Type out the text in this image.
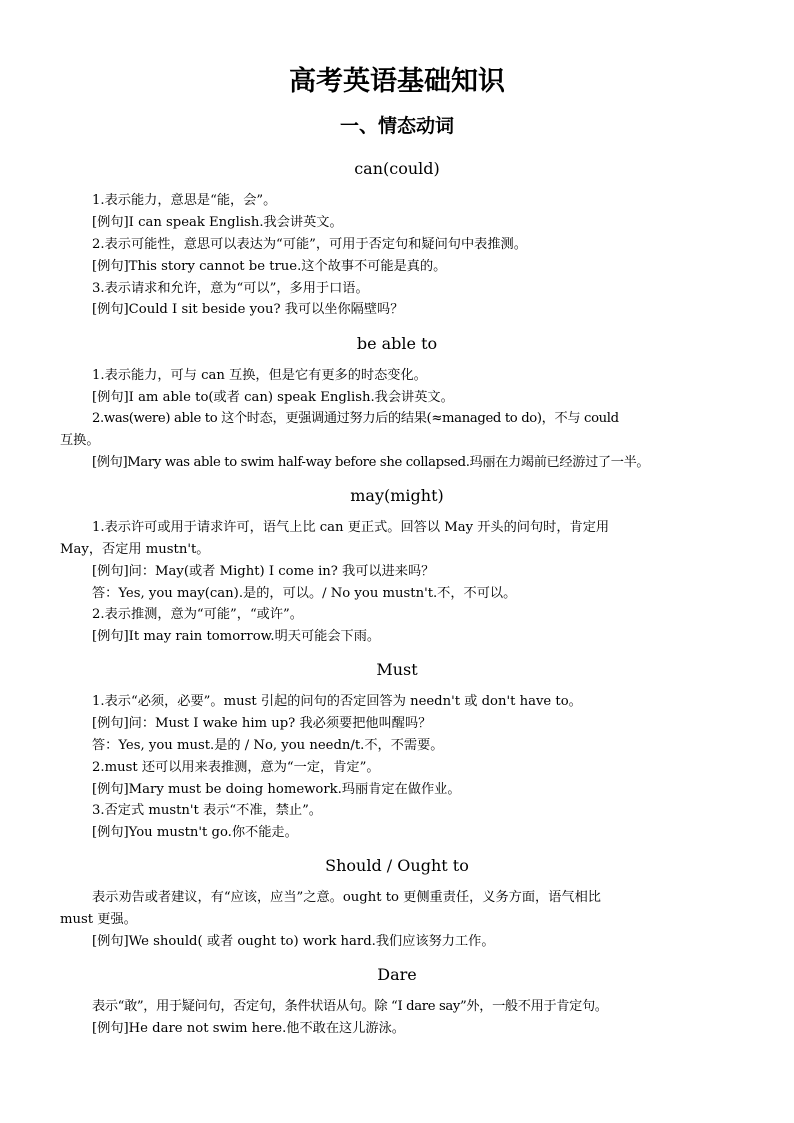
高考英语基础知识
一、情态动词
can(could)
1.表示能力，意思是“能，会”。
[例句]I can speak English.我会讲英文。
2.表示可能性，意思可以表达为“可能”，可用于否定句和疑问句中表推测。
[例句]This story cannot be true.这个故事不可能是真的。
3.表示请求和允许，意为“可以”，多用于口语。
[例句]Could I sit beside you? 我可以坐你隔壁吗？
be able to
1.表示能力，可与 can 互换，但是它有更多的时态变化。
[例句]I am able to(或者 can) speak English.我会讲英文。
2.was(were) able to 这个时态，更强调通过努力后的结果(≈managed to do)，不与 could
互换。
[例句]Mary was able to swim half-way before she collapsed.玛丽在力竭前已经游过了一半。
may(might)
1.表示许可或用于请求许可，语气上比 can 更正式。回答以 May 开头的问句时，肯定用
May，否定用 mustn't。
[例句]问：May(或者 Might) I come in? 我可以进来吗？
答：Yes, you may(can).是的，可以。/ No you mustn't.不，不可以。
2.表示推测，意为“可能”，“或许”。
[例句]It may rain tomorrow.明天可能会下雨。
Must
1.表示“必须，必要”。must 引起的问句的否定回答为 needn't 或 don't have to。
[例句]问：Must I wake him up? 我必须要把他叫醒吗？
答：Yes, you must.是的 / No, you needn/t.不，不需要。
2.must 还可以用来表推测，意为“一定，肯定”。
[例句]Mary must be doing homework.玛丽肯定在做作业。
3.否定式 mustn't 表示“不准，禁止”。
[例句]You mustn't go.你不能走。
Should / Ought to
表示劝告或者建议，有“应该，应当”之意。ought to 更侧重责任，义务方面，语气相比
must 更强。
[例句]We should( 或者 ought to) work hard.我们应该努力工作。
Dare
表示“敢”，用于疑问句，否定句，条件状语从句。除 “I dare say”外，一般不用于肯定句。
[例句]He dare not swim here.他不敢在这儿游泳。
